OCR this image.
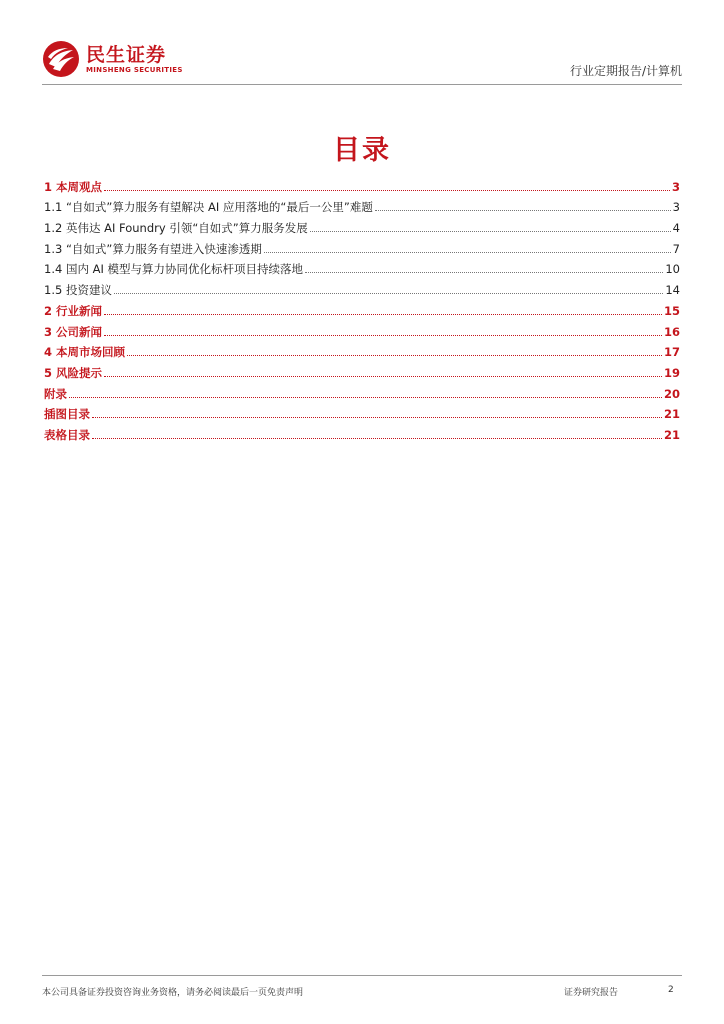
民生证券
MINSHENG SECURITIES	行业定期报告/计算机
目录
1 本周观点	3
1.1 “自如式”算力服务有望解决 AI 应用落地的“最后一公里”难题	3
1.2 英伟达 AI Foundry 引领“自如式”算力服务发展	4
1.3 “自如式”算力服务有望进入快速渗透期	7
1.4 国内 AI 模型与算力协同优化标杆项目持续落地	10
1.5 投资建议	14
2 行业新闻	15
3 公司新闻	16
4 本周市场回顾	17
5 风险提示	19
附录	20
插图目录	21
表格目录	21
本公司具备证券投资咨询业务资格，请务必阅读最后一页免责声明	证券研究报告	2
